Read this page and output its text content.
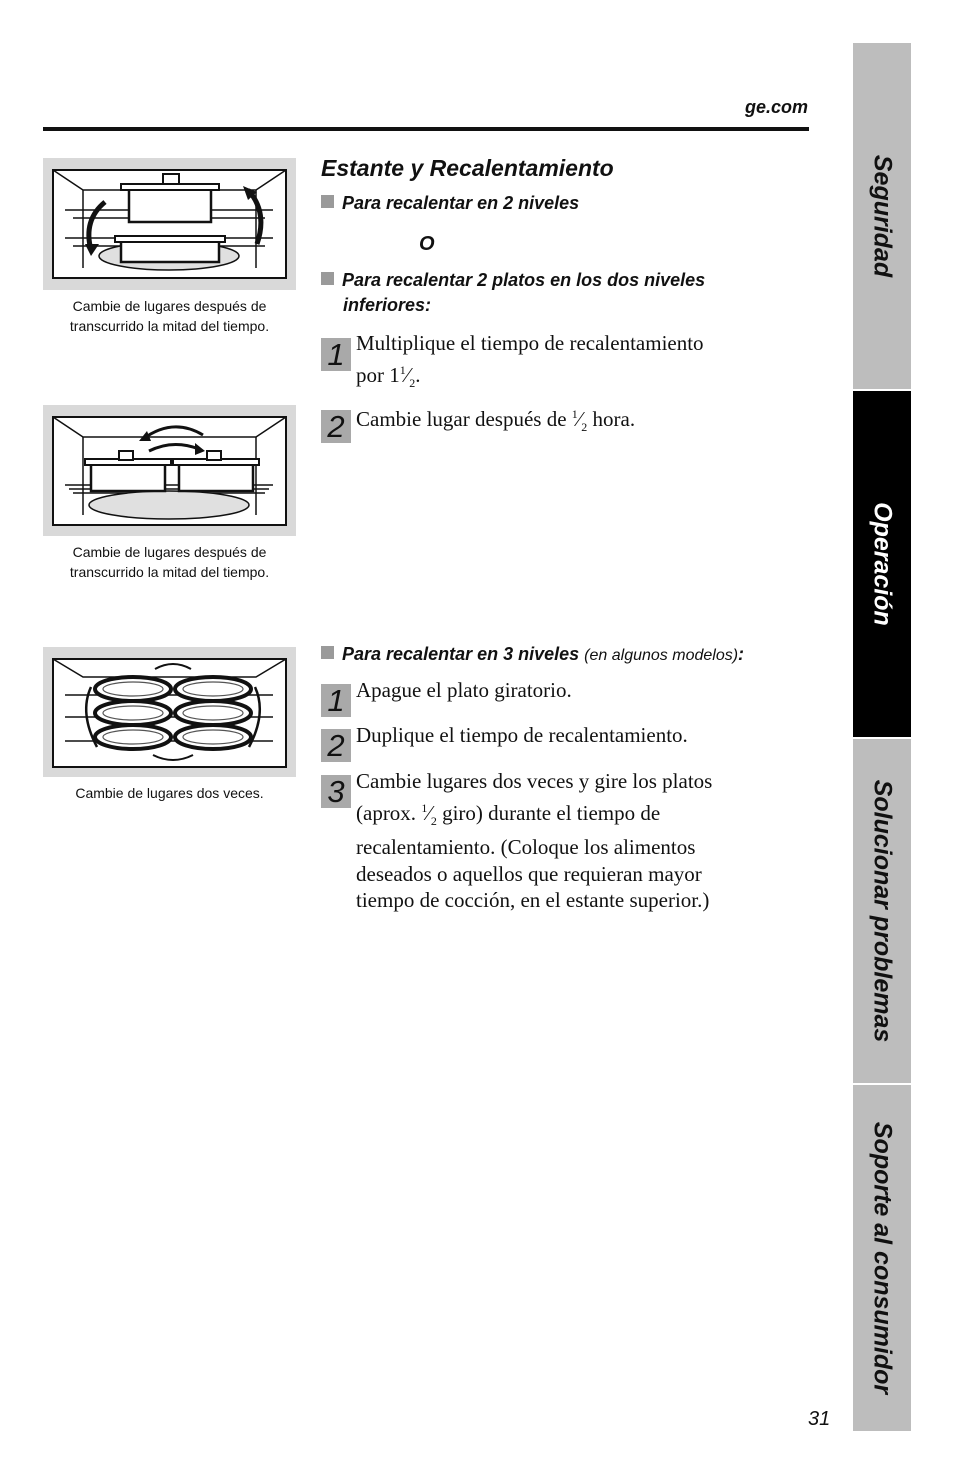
ge.com
Cambie de lugares después de
transcurrido la mitad del tiempo.
Cambie de lugares después de
transcurrido la mitad del tiempo.
Cambie de lugares dos veces.
Estante y Recalentamiento
Para recalentar en 2 niveles
O
Para recalentar 2 platos en los dos niveles
inferiores:
1 Multiplique el tiempo de recalentamiento
por $1^1⁄_2$.
2 Cambie lugar después de $^1⁄_2$ hora.
Para recalentar en 3 niveles (en algunos modelos):
1 Apague el plato giratorio.
2 Duplique el tiempo de recalentamiento.
3 Cambie lugares dos veces y gire los platos
(aprox. $^1⁄_2$ giro) durante el tiempo de
recalentamiento. (Coloque los alimentos
deseados o aquellos que requieran mayor
tiempo de cocción, en el estante superior.)
Seguridad
Operación
Solucionar problemas
Soporte al consumidor
31
